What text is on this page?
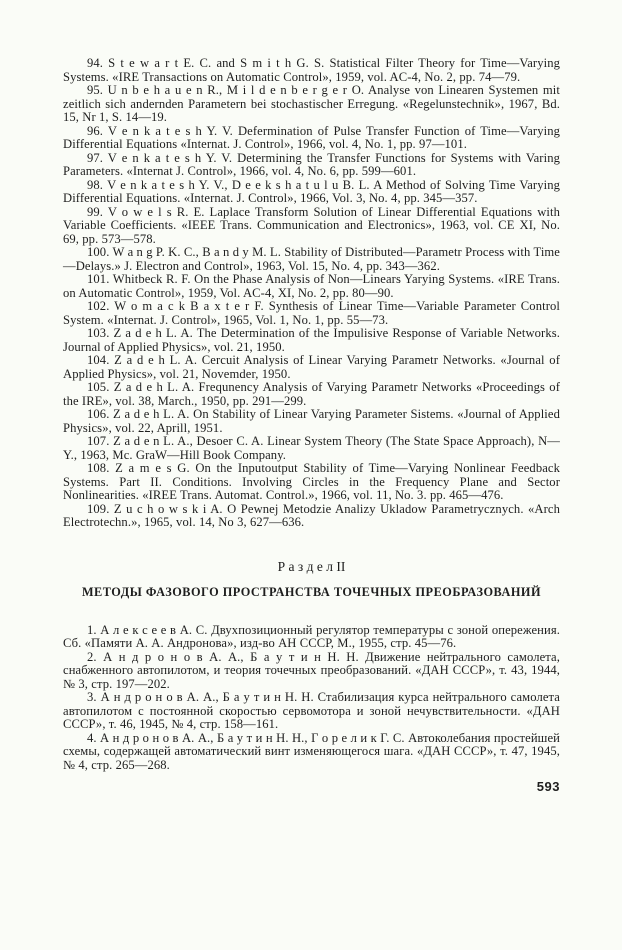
94. S t e w a r t E. C. and S m i t h G. S. Statistical Filter Theory for Time—Varying Systems. «IRE Transactions on Automatic Control», 1959, vol. AC-4, No. 2, pp. 74—79.

95. U n b e h a u e n R., M i l d e n b e r g e r O. Analyse von Linearen Systemen mit zeitlich sich andernden Parametern bei stochastischer Erregung. «Regelunstechnik», 1967, Bd. 15, Nr 1, S. 14—19.

96. V e n k a t e s h Y. V. Defermination of Pulse Transfer Function of Time—Varying Differential Equations «Internat. J. Control», 1966, vol. 4, No. 1, pp. 97—101.

97. V e n k a t e s h Y. V. Determining the Transfer Functions for Systems with Varing Parameters. «Internat J. Control», 1966, vol. 4, No. 6, pp. 599—601.

98. V e n k a t e s h Y. V., D e e k s h a t u l u B. L. A Method of Solving Time Varying Differential Equations. «Internat. J. Control», 1966, Vol. 3, No. 4, pp. 345—357.

99. V o w e l s R. E. Laplace Transform Solution of Linear Differential Equations with Variable Coefficients. «IEEE Trans. Communication and Electronics», 1963, vol. CE XI, No. 69, pp. 573—578.

100. W a n g P. K. C., B a n d y M. L. Stability of Distributed—Parametr Process with Time—Delays.» J. Electron and Control», 1963, Vol. 15, No. 4, pp. 343—362.

101. Whitbeck R. F. On the Phase Analysis of Non—Linears Yarying Systems. «IRE Trans. on Automatic Control», 1959, Vol. AC-4, XI, No. 2, pp. 80—90.

102. W o m a c k B a x t e r F. Synthesis of Linear Time—Variable Parameter Control System. «Internat. J. Control», 1965, Vol. 1, No. 1, pp. 55—73.

103. Z a d e h L. A. The Determination of the Impulisive Response of Variable Networks. Journal of Applied Physics», vol. 21, 1950.

104. Z a d e h L. A. Cercuit Analysis of Linear Varying Parametr Networks. «Journal of Applied Physics», vol. 21, Novemder, 1950.

105. Z a d e h L. A. Frequnency Analysis of Varying Parametr Networks «Proceedings of the IRE», vol. 38, March., 1950, pp. 291—299.

106. Z a d e h L. A. On Stability of Linear Varying Parameter Sistems. «Journal of Applied Physics», vol. 22, Aprill, 1951.

107. Z a d e n L. A., Desoer C. A. Linear System Theory (The State Space Approach), N—Y., 1963, Mc. GraW—Hill Book Company.

108. Z a m e s G. On the Inputoutput Stability of Time—Varying Nonlinear Feedback Systems. Part II. Conditions. Involving Circles in the Frequency Plane and Sector Nonlinearities. «IREE Trans. Automat. Control.», 1966, vol. 11, No. 3. pp. 465—476.

109. Z u c h o w s k i A. O Pewnej Metodzie Analizy Ukladow Parametrycznych. «Arch Electrotechn.», 1965, vol. 14, No 3, 627—636.

Р а з д е л II
МЕТОДЫ ФАЗОВОГО ПРОСТРАНСТВА ТОЧЕЧНЫХ ПРЕОБРАЗОВАНИЙ

1. А л е к с е е в А. С. Двухпозиционный регулятор температуры с зоной опережения. Сб. «Памяти А. А. Андронова», изд-во АН СССР, М., 1955, стр. 45—76.

2. А н д р о н о в А. А., Б а у т и н Н. Н. Движение нейтрального самолета, снабженного автопилотом, и теория точечных преобразований. «ДАН СССР», т. 43, 1944, № 3, стр. 197—202.

3. А н д р о н о в А. А., Б а у т и н Н. Н. Стабилизация курса нейтрального самолета автопилотом с постоянной скоростью сервомотора и зоной нечувствительности. «ДАН СССР», т. 46, 1945, № 4, стр. 158—161.

4. А н д р о н о в А. А., Б а у т и н Н. Н., Г о р е л и к Г. С. Автоколебания простейшей схемы, содержащей автоматический винт изменяющегося шага. «ДАН СССР», т. 47, 1945, № 4, стр. 265—268.

593
